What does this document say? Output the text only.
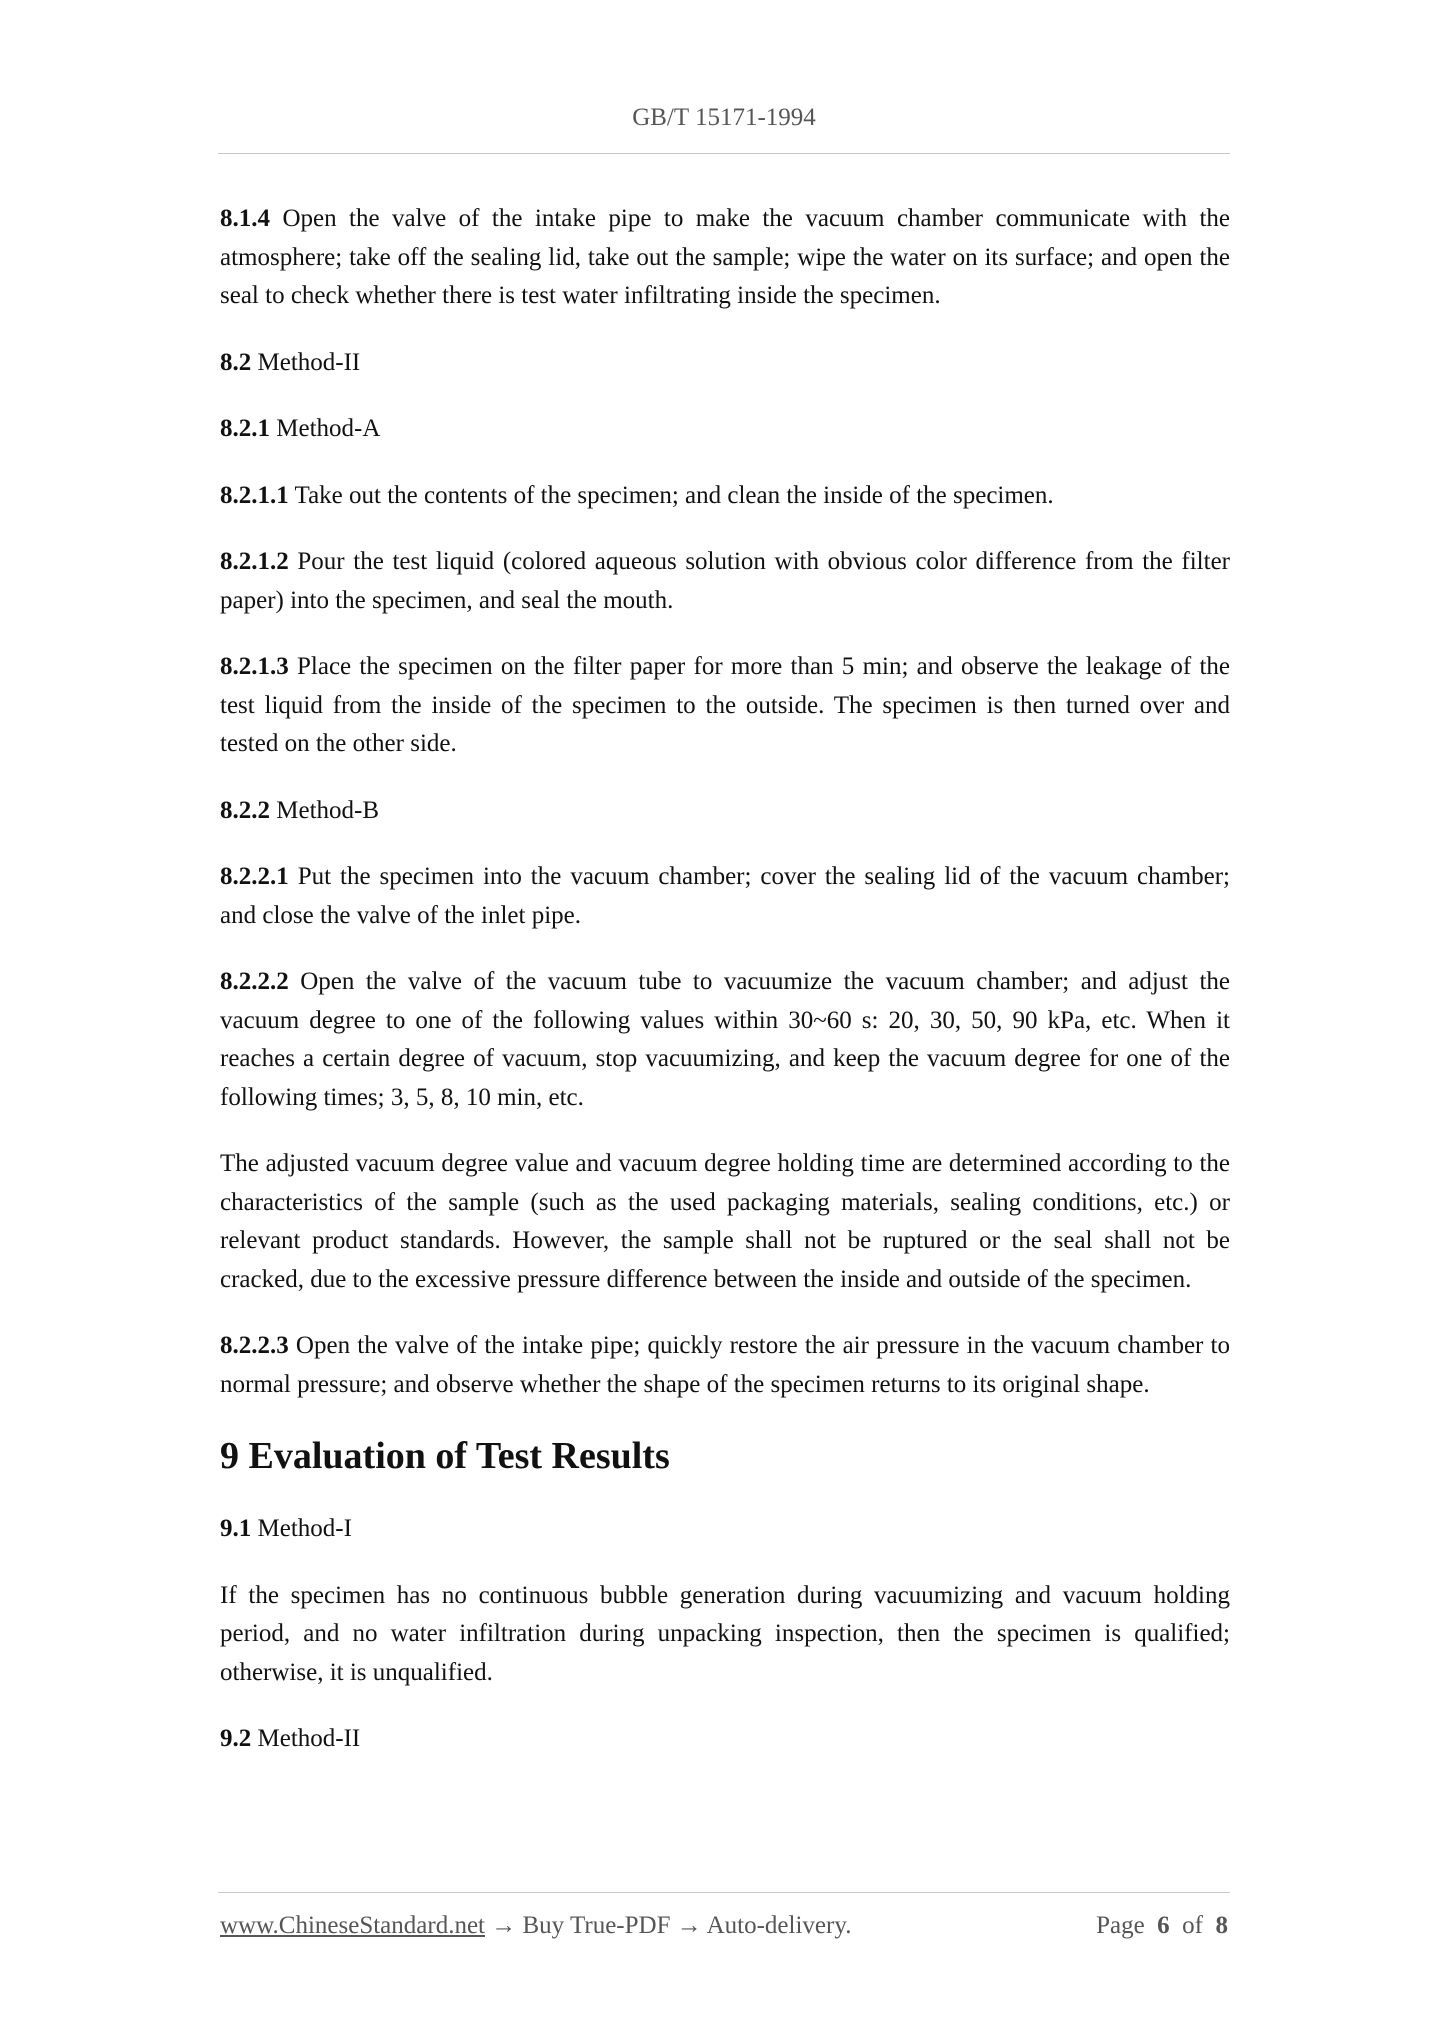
GB/T 15171-1994

8.1.4 Open the valve of the intake pipe to make the vacuum chamber communicate with the atmosphere; take off the sealing lid, take out the sample; wipe the water on its surface; and open the seal to check whether there is test water infiltrating inside the specimen.

8.2 Method-II

8.2.1 Method-A

8.2.1.1 Take out the contents of the specimen; and clean the inside of the specimen.

8.2.1.2 Pour the test liquid (colored aqueous solution with obvious color difference from the filter paper) into the specimen, and seal the mouth.

8.2.1.3 Place the specimen on the filter paper for more than 5 min; and observe the leakage of the test liquid from the inside of the specimen to the outside. The specimen is then turned over and tested on the other side.

8.2.2 Method-B

8.2.2.1 Put the specimen into the vacuum chamber; cover the sealing lid of the vacuum chamber; and close the valve of the inlet pipe.

8.2.2.2 Open the valve of the vacuum tube to vacuumize the vacuum chamber; and adjust the vacuum degree to one of the following values within 30~60 s: 20, 30, 50, 90 kPa, etc. When it reaches a certain degree of vacuum, stop vacuumizing, and keep the vacuum degree for one of the following times; 3, 5, 8, 10 min, etc.

The adjusted vacuum degree value and vacuum degree holding time are determined according to the characteristics of the sample (such as the used packaging materials, sealing conditions, etc.) or relevant product standards. However, the sample shall not be ruptured or the seal shall not be cracked, due to the excessive pressure difference between the inside and outside of the specimen.

8.2.2.3 Open the valve of the intake pipe; quickly restore the air pressure in the vacuum chamber to normal pressure; and observe whether the shape of the specimen returns to its original shape.

9 Evaluation of Test Results

9.1 Method-I

If the specimen has no continuous bubble generation during vacuumizing and vacuum holding period, and no water infiltration during unpacking inspection, then the specimen is qualified; otherwise, it is unqualified.

9.2 Method-II

www.ChineseStandard.net → Buy True-PDF → Auto-delivery.	Page 6 of 8
